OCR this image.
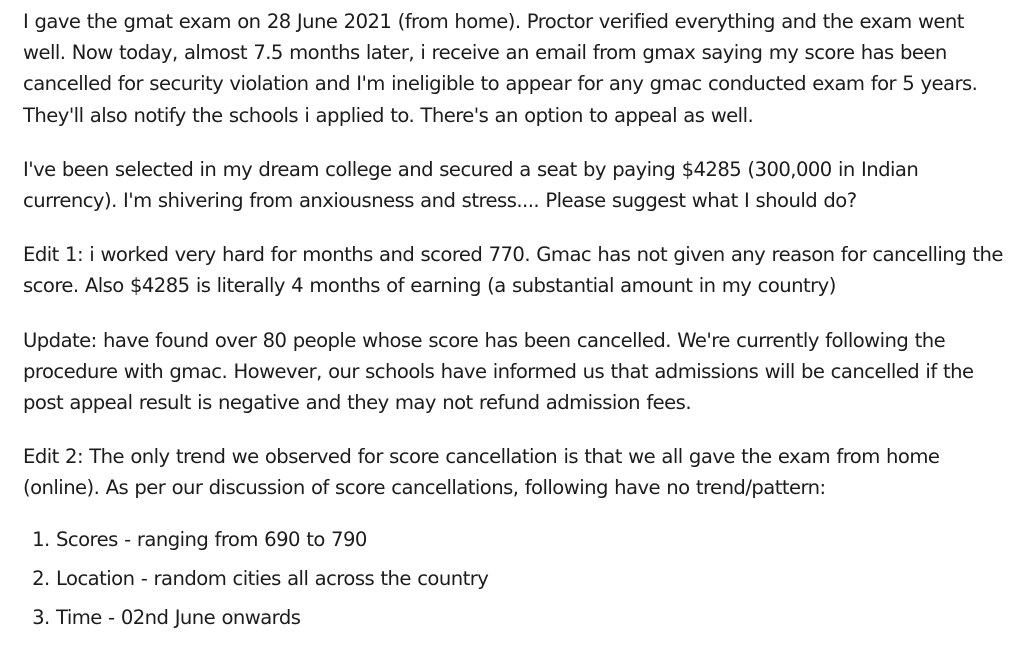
I gave the gmat exam on 28 June 2021 (from home). Proctor verified everything and the exam went well. Now today, almost 7.5 months later, i receive an email from gmax saying my score has been cancelled for security violation and I'm ineligible to appear for any gmac conducted exam for 5 years. They'll also notify the schools i applied to. There's an option to appeal as well.

I've been selected in my dream college and secured a seat by paying $4285 (300,000 in Indian currency). I'm shivering from anxiousness and stress.... Please suggest what I should do?

Edit 1: i worked very hard for months and scored 770. Gmac has not given any reason for cancelling the score. Also $4285 is literally 4 months of earning (a substantial amount in my country)

Update: have found over 80 people whose score has been cancelled. We're currently following the procedure with gmac. However, our schools have informed us that admissions will be cancelled if the post appeal result is negative and they may not refund admission fees.

Edit 2: The only trend we observed for score cancellation is that we all gave the exam from home (online). As per our discussion of score cancellations, following have no trend/pattern:

1. Scores - ranging from 690 to 790
2. Location - random cities all across the country
3. Time - 02nd June onwards
